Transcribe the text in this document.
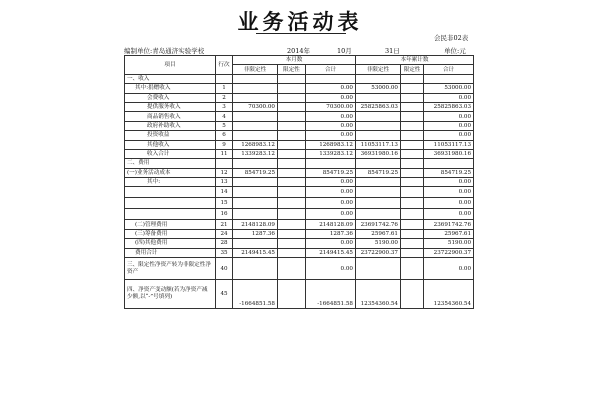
业务活动表
会民非02表
编制单位:青岛通济实验学校	2014年	10月	31日	单位:元
项目	行次	本月数			本年累计数		
		非限定性	限定性	合计	非限定性	限定性	合计
一、收入							
其中:捐赠收入	1			0.00	53000.00		53000.00
会费收入	2			0.00			0.00
提供服务收入	3	70300.00		70300.00	25825863.03		25825863.03
商品销售收入	4			0.00			0.00
政府补助收入	5			0.00			0.00
投资收益	6			0.00			0.00
其他收入	9	1268983.12		1268983.12	11053117.13		11053117.13
收入合计	11	1339283.12		1339283.12	36931980.16		36931980.16
二、费用							
(一)业务活动成本	12	854719.25		854719.25	854719.25		854719.25
其中:	13			0.00			0.00
	14			0.00			0.00
	15			0.00			0.00
	16			0.00			0.00
(二)管理费用	21	2148128.09		2148128.09	23691742.76		23691742.76
(三)筹备费用	24	1287.36		1287.36	25967.61		25967.61
(四)其他费用	28			0.00	5190.00		5190.00
费用合计	35	2149415.45		2149415.45	23722900.37		23722900.37
三、限定性净资产转为非限定性净资产	40			0.00			0.00
四、净资产变动额(若为净资产减少额,以“-”号填列)	45	-1664851.58		-1664851.58	12354360.54		12354360.54
